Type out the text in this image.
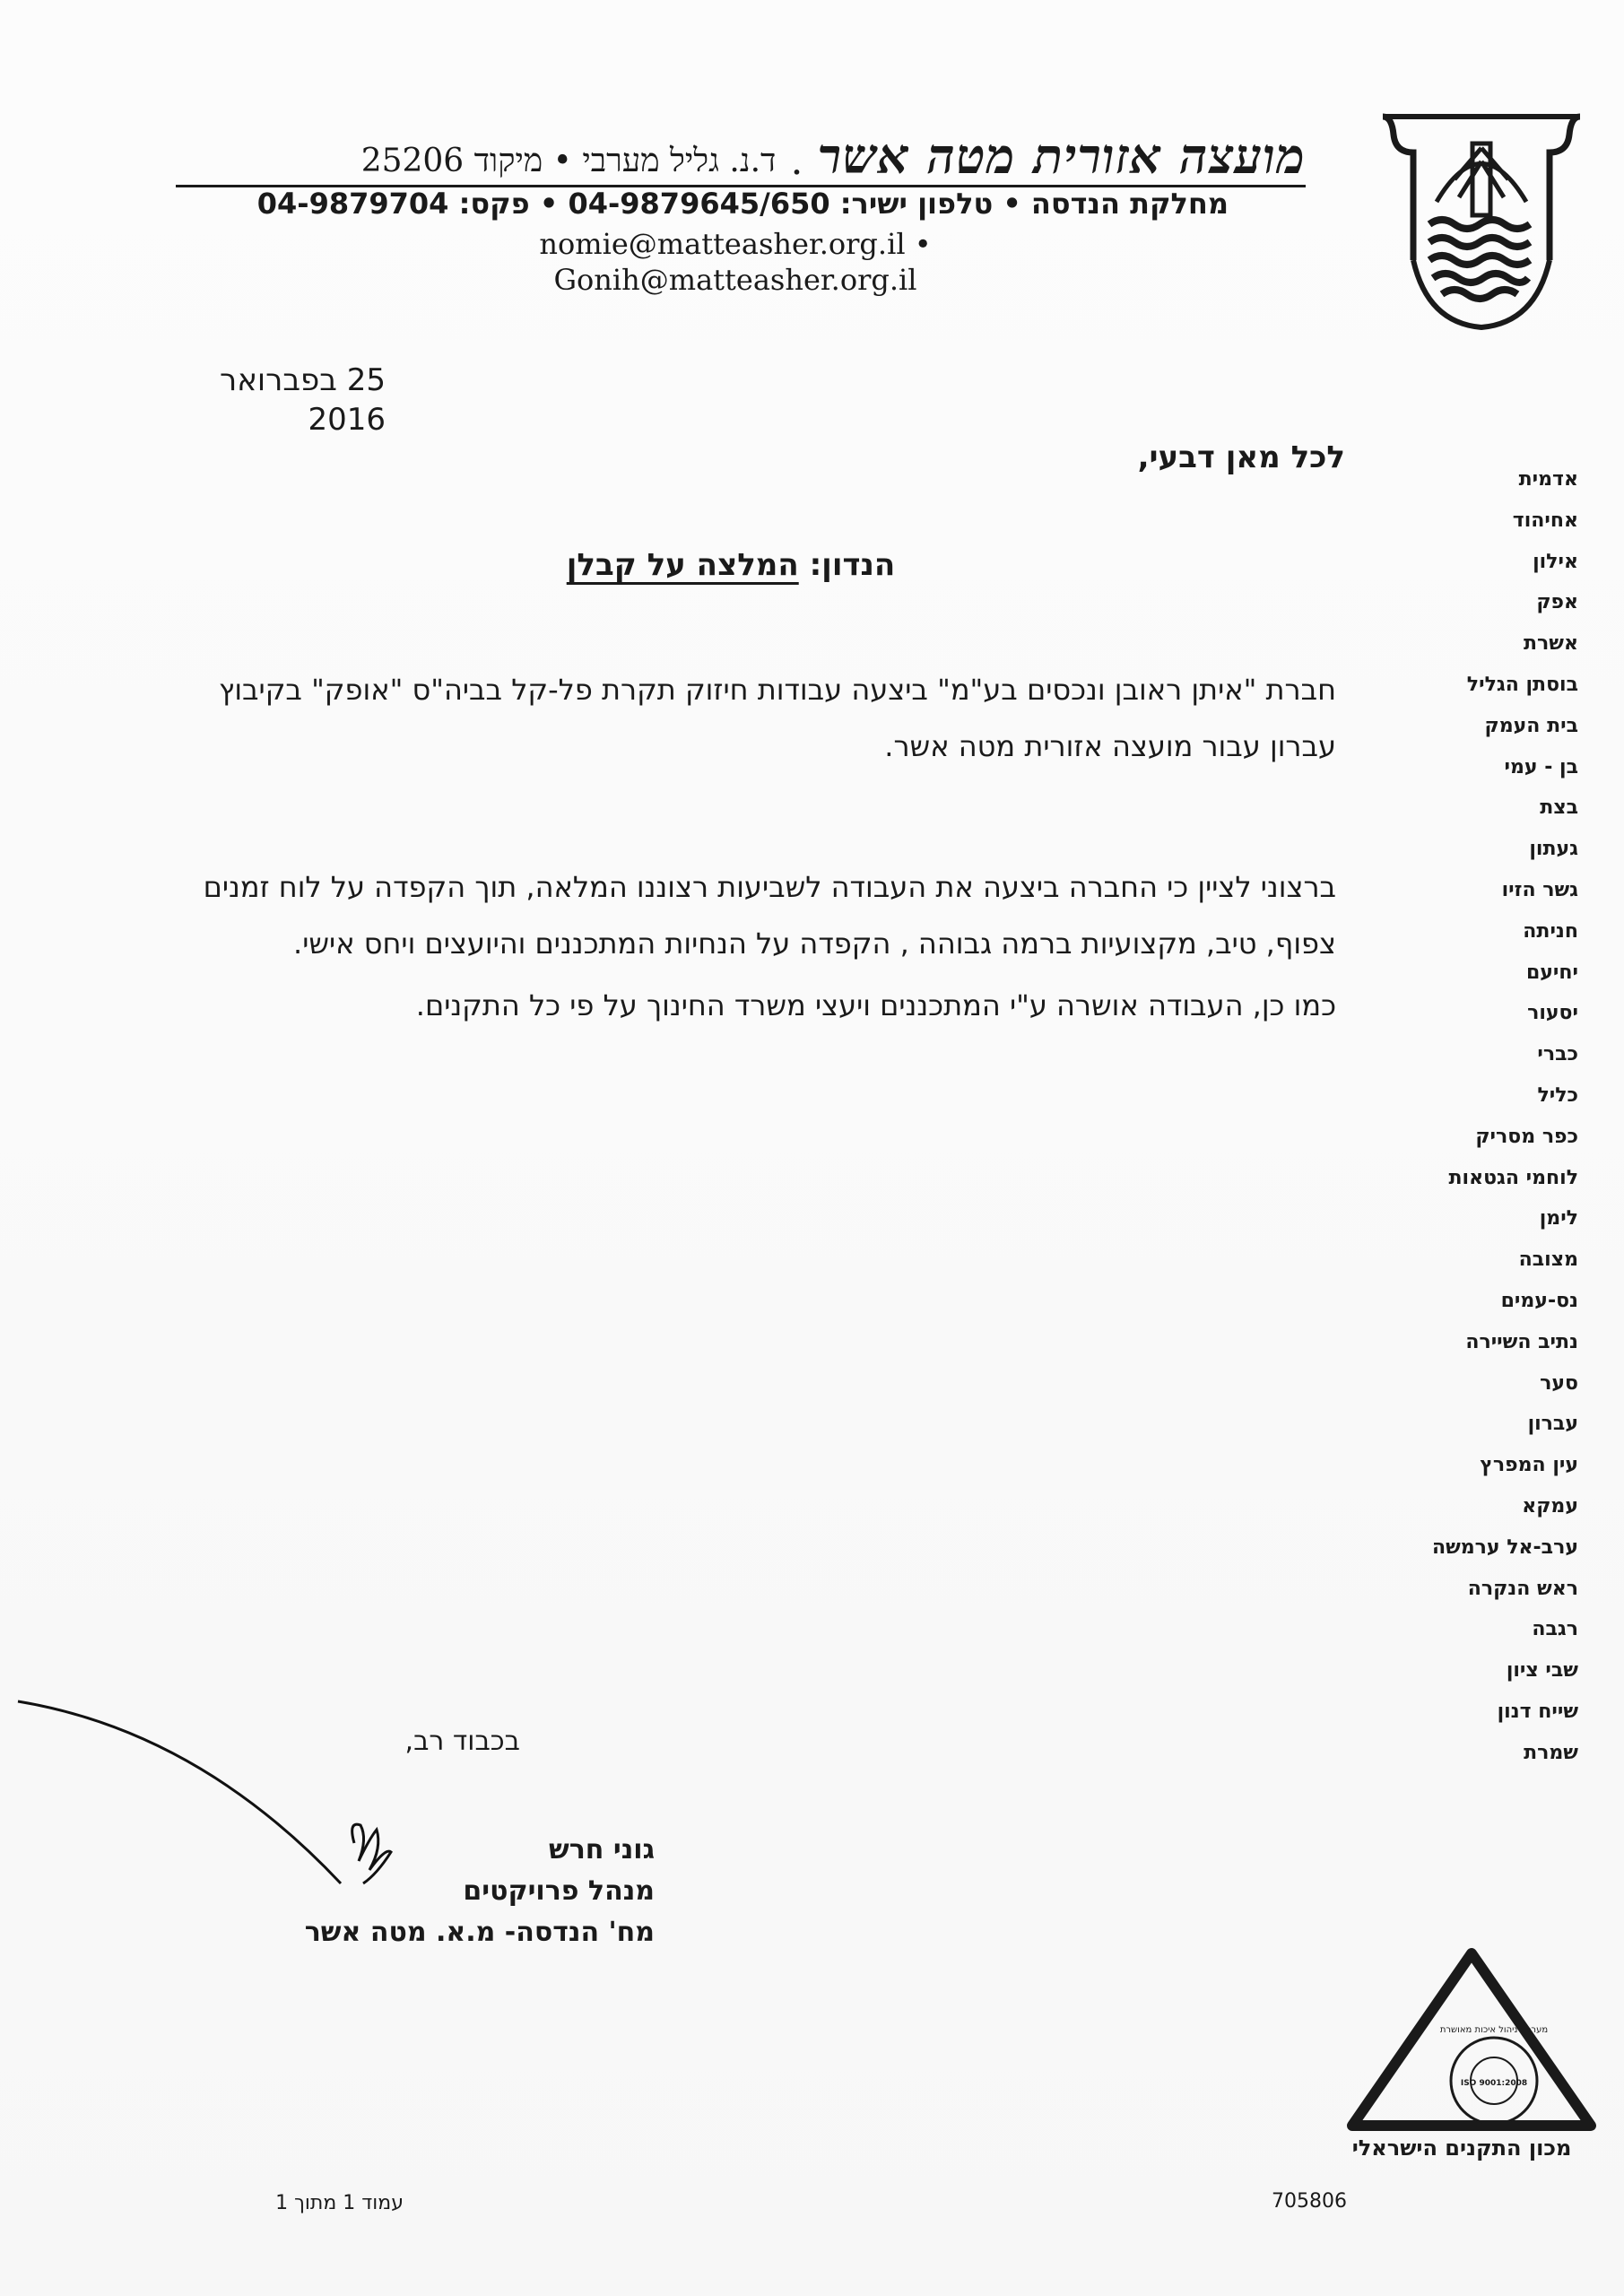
מועצה אזורית מטה אשר
•
ד.נ. גליל מערבי • מיקוד 25206
מחלקת הנדסה • טלפון ישיר: 04-9879645/650 • פקס: 04-9879704
nomie@matteasher.org.il • Gonih@matteasher.org.il
מועצה אזורית מטה אשר
25 בפברואר 2016
לכל מאן דבעי,
הנדון: המלצה על קבלן
חברת "איתן ראובן ונכסים בע"מ" ביצעה עבודות חיזוק תקרת פל-קל בביה"ס "אופק" בקיבוץ עברון עבור מועצה אזורית מטה אשר.
ברצוני לציין כי החברה ביצעה את העבודה לשביעות רצוננו המלאה, תוך הקפדה על לוח זמנים צפוף, טיב, מקצועיות ברמה גבוהה , הקפדה על הנחיות המתכננים והיועצים ויחס אישי.
כמו כן, העבודה אושרה ע"י המתכננים ויעצי משרד החינוך על פי כל התקנים.
אדמית
אחיהוד
אילון
אפק
אשרת
בוסתן הגליל
בית העמק
בן - עמי
בצת
געתון
גשר הזיו
חניתה
יחיעם
יסעור
כברי
כליל
כפר מסריק
לוחמי הגטאות
לימן
מצובה
נס-עמים
נתיב השיירה
סער
עברון
עין המפרץ
עמקא
ערב-אל ערמשה
ראש הנקרה
רגבה
שבי ציון
שייח דנון
שמרת
בכבוד רב,
גוני חרש
מנהל פרויקטים
מח' הנדסה- מ.א. מטה אשר
ISO 9001:2008
מערכת ניהול איכות מאושרת
מכון התקנים הישראלי
עמוד 1 מתוך 1	705806
